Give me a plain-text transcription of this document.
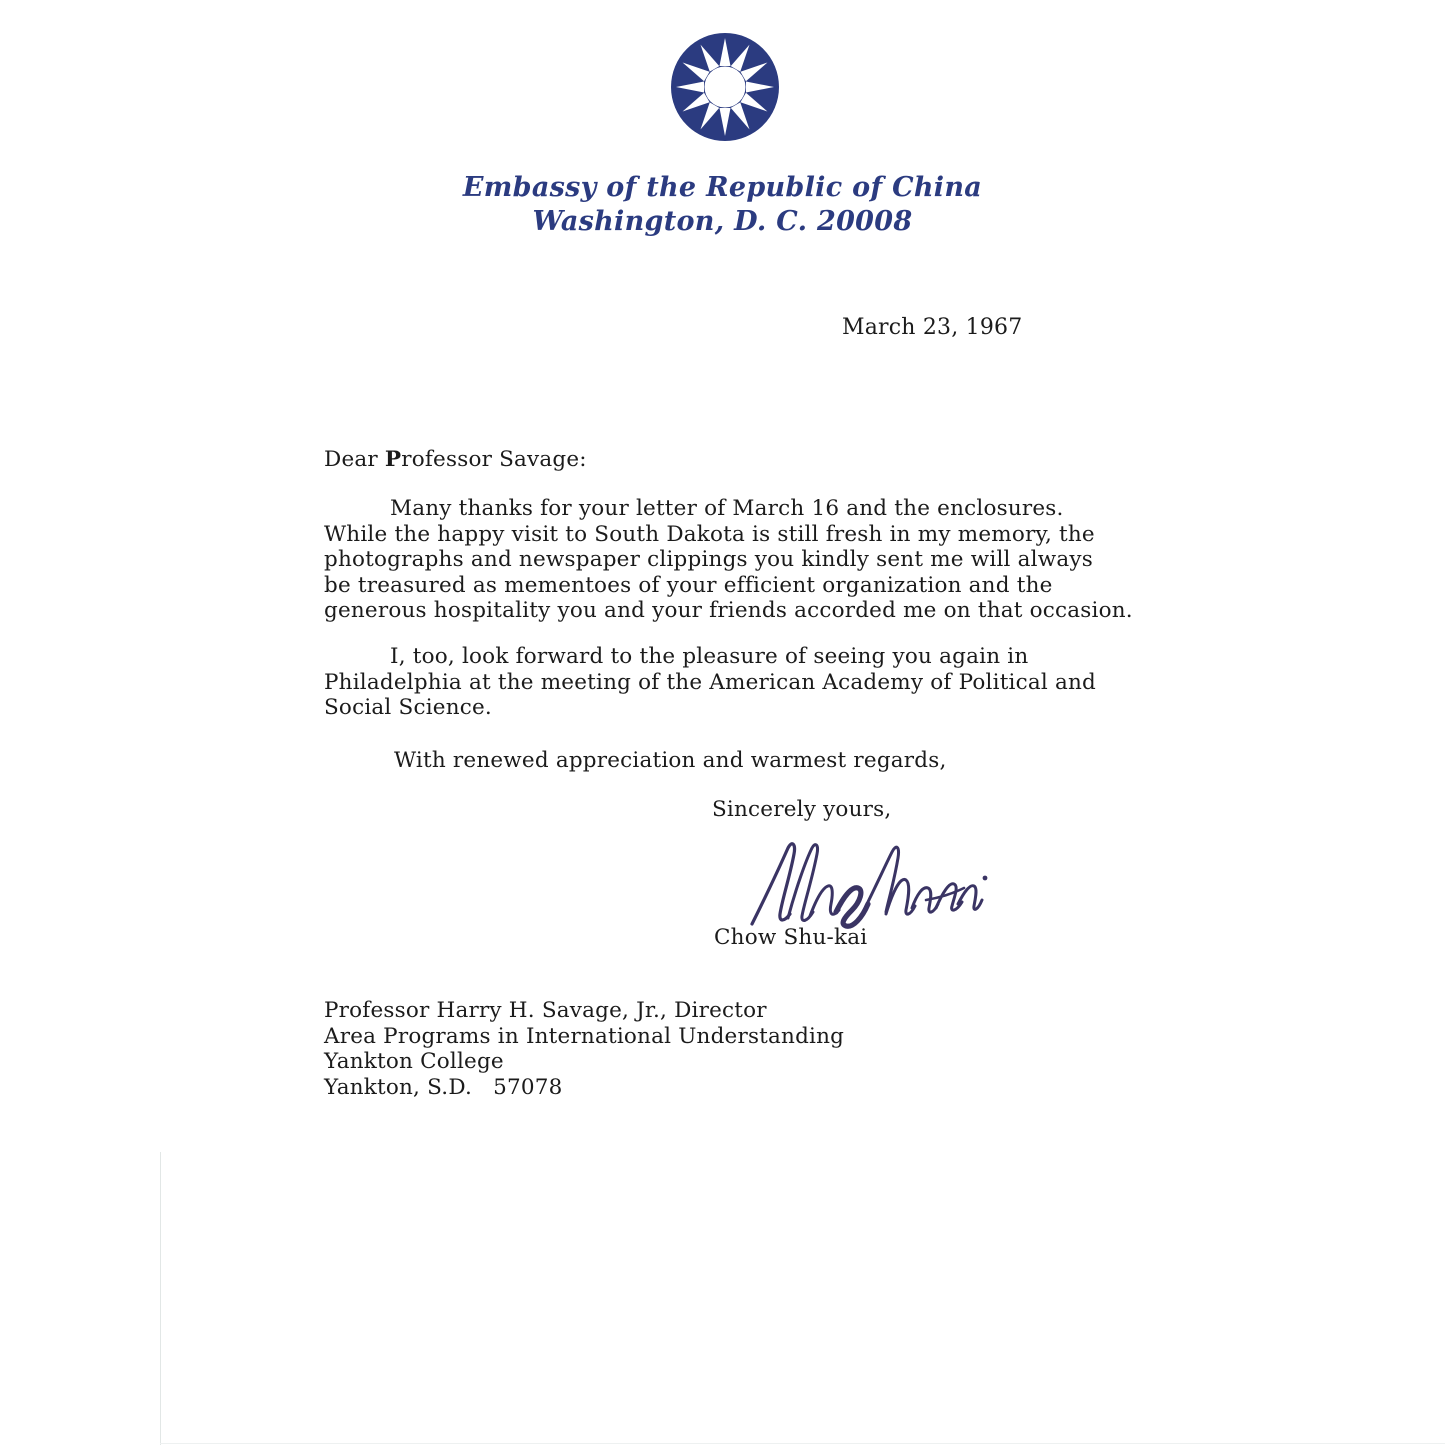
Embassy of the Republic of China
Washington, D. C. 20008
March 23, 1967
Dear Professor Savage:
Many thanks for your letter of March 16 and the enclosures.
While the happy visit to South Dakota is still fresh in my memory, the
photographs and newspaper clippings you kindly sent me will always
be treasured as mementoes of your efficient organization and the
generous hospitality you and your friends accorded me on that occasion.
I, too, look forward to the pleasure of seeing you again in
Philadelphia at the meeting of the American Academy of Political and
Social Science.
With renewed appreciation and warmest regards,
Sincerely yours,
Chow Shu-kai
Professor Harry H. Savage, Jr., Director
Area Programs in International Understanding
Yankton College
Yankton, S.D.   57078
